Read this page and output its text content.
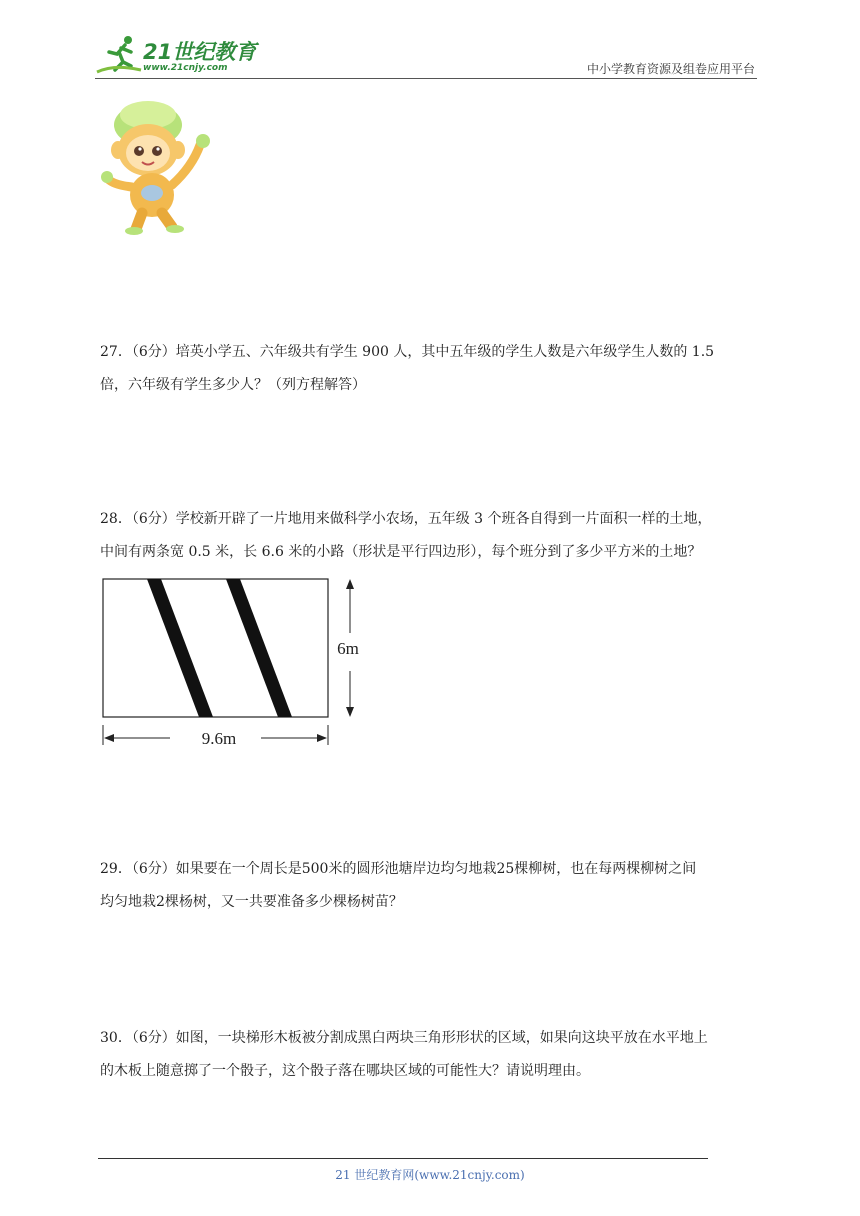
21世纪教育
www.21cnjy.com	中小学教育资源及组卷应用平台

27．（6分）培英小学五、六年级共有学生 900 人，其中五年级的学生人数是六年级学生人数的 1.5

倍，六年级有学生多少人？（列方程解答）

28．（6分）学校新开辟了一片地用来做科学小农场，五年级 3 个班各自得到一片面积一样的土地，

中间有两条宽 0.5 米，长 6.6 米的小路（形状是平行四边形），每个班分到了多少平方米的土地？

6m
9.6m

29．（6分）如果要在一个周长是500米的圆形池塘岸边均匀地栽25棵柳树，也在每两棵柳树之间

均匀地栽2棵杨树，又一共要准备多少棵杨树苗？

30．（6分）如图，一块梯形木板被分割成黑白两块三角形形状的区域，如果向这块平放在水平地上

的木板上随意掷了一个骰子，这个骰子落在哪块区域的可能性大？请说明理由。

21 世纪教育网(www.21cnjy.com)
